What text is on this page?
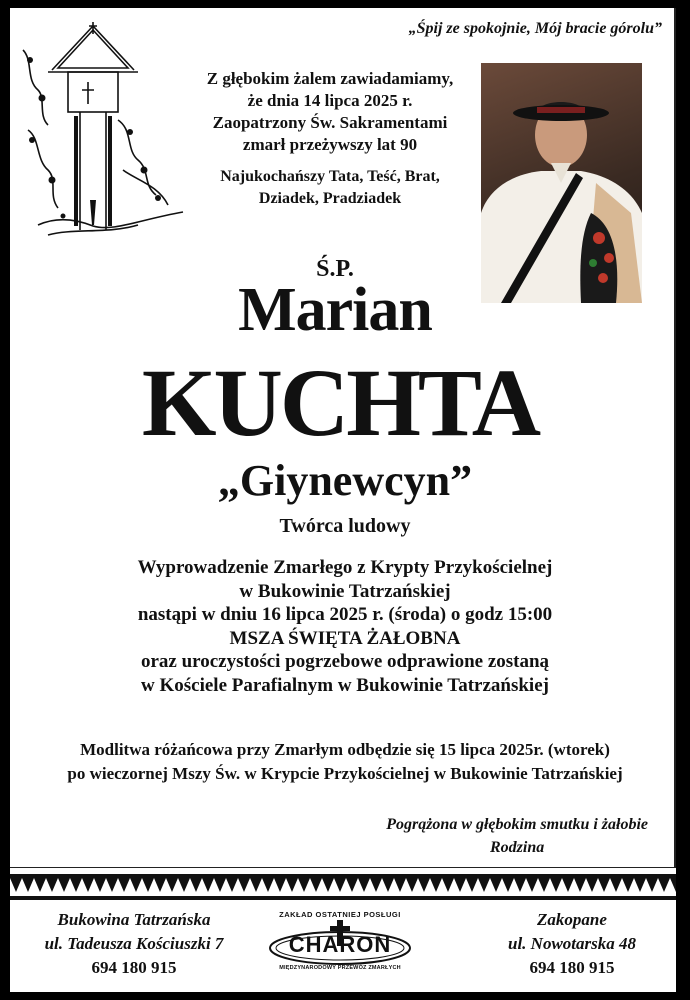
„Śpij ze spokojnie, Mój bracie górolu”
Z głębokim żalem zawiadamiamy,
że dnia 14 lipca 2025 r.
Zaopatrzony Św. Sakramentami
zmarł przeżywszy lat 90
Najukochańszy Tata, Teść, Brat,
Dziadek, Pradziadek
Ś.P.
Marian
KUCHTA
„Giynewcyn”
Twórca ludowy
Wyprowadzenie Zmarłego z Krypty Przykościelnej
w Bukowinie Tatrzańskiej
nastąpi w dniu 16 lipca 2025 r. (środa) o godz 15:00
MSZA ŚWIĘTA ŻAŁOBNA
oraz uroczystości pogrzebowe odprawione zostaną
w Kościele Parafialnym w Bukowinie Tatrzańskiej
Modlitwa różańcowa przy Zmarłym odbędzie się 15 lipca 2025r. (wtorek)
po wieczornej Mszy Św. w Krypcie Przykościelnej w Bukowinie Tatrzańskiej
Pogrążona w głębokim smutku i żałobie
Rodzina
Bukowina Tatrzańska
ul. Tadeusza Kościuszki 7
694 180 915
ZAKŁAD OSTATNIEJ POSŁUGI
CHARON
MIĘDZYNARODOWY PRZEWÓZ ZMARŁYCH
Zakopane
ul. Nowotarska 48
694 180 915
